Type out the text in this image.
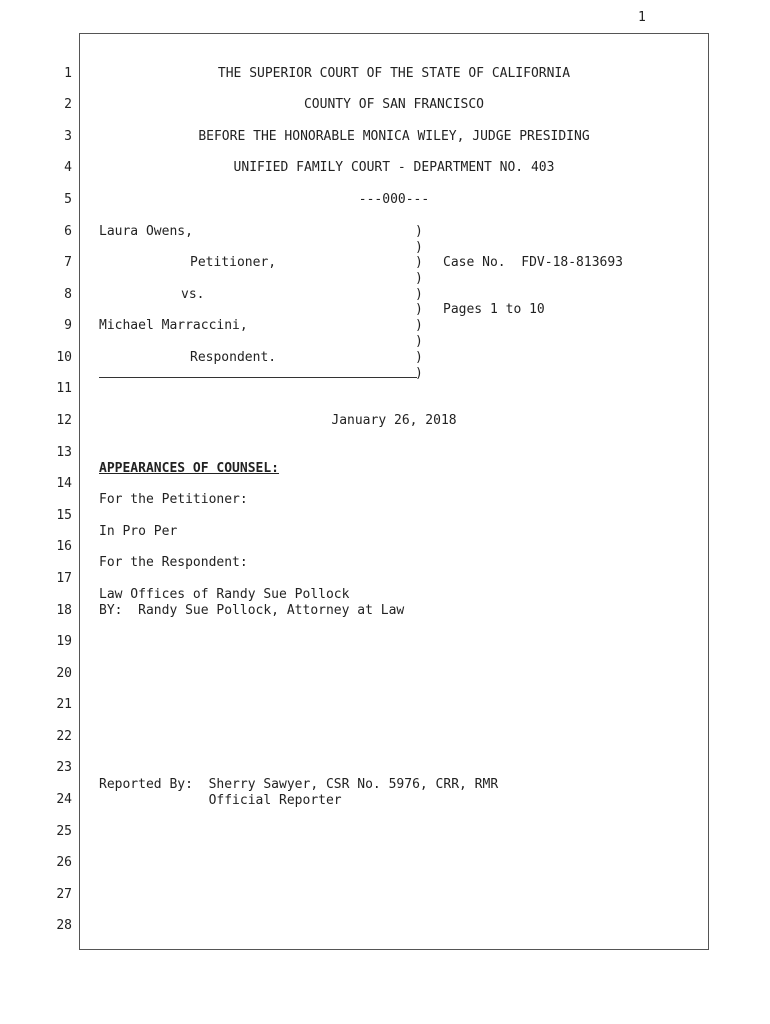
1
1
2
3
4
5
6
7
8
9
10
11
12
13
14
15
16
17
18
19
20
21
22
23
24
25
26
27
28
THE SUPERIOR COURT OF THE STATE OF CALIFORNIA
COUNTY OF SAN FRANCISCO
BEFORE THE HONORABLE MONICA WILEY, JUDGE PRESIDING
UNIFIED FAMILY COURT - DEPARTMENT NO. 403
---000---
Laura Owens,
Petitioner,
vs.
Michael Marraccini,
Respondent.
)
)
)
)
)
)
)
)
)
)
Case No.  FDV-18-813693
Pages 1 to 10
January 26, 2018
APPEARANCES OF COUNSEL:
For the Petitioner:
In Pro Per
For the Respondent:
Law Offices of Randy Sue Pollock
BY:  Randy Sue Pollock, Attorney at Law
Reported By:  Sherry Sawyer, CSR No. 5976, CRR, RMR
Official Reporter
